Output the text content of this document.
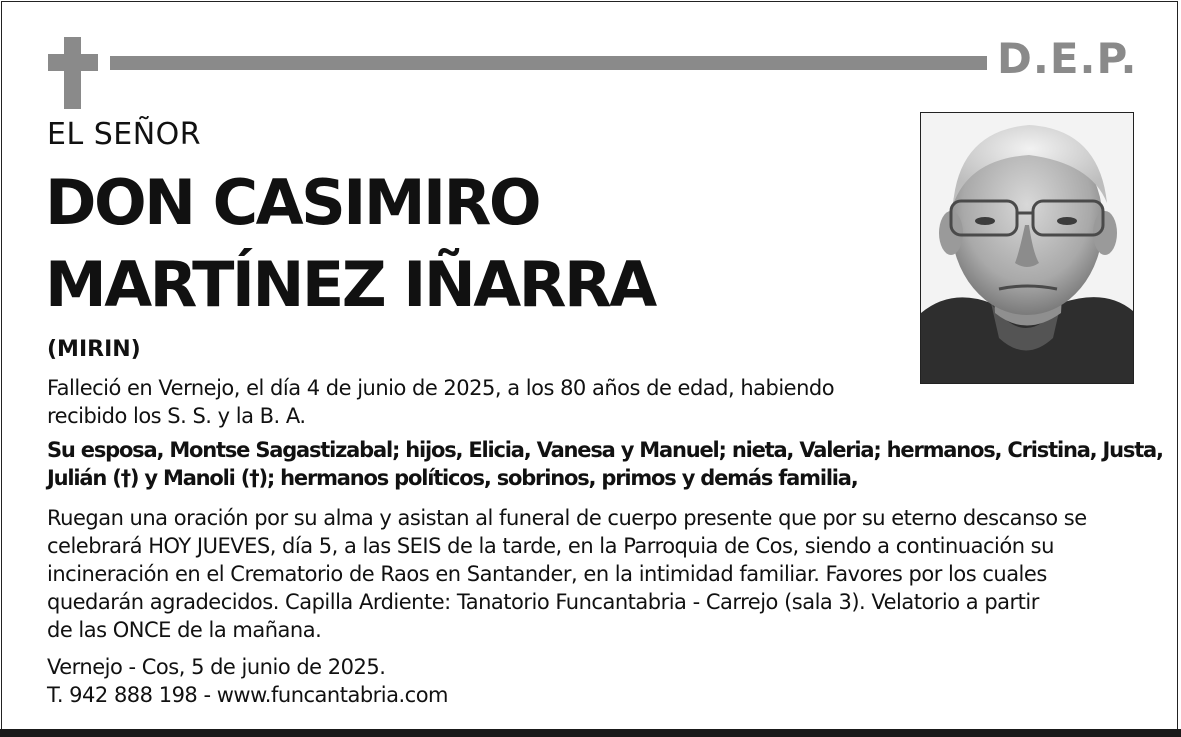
D.E.P.
EL SEÑOR
DON CASIMIRO
MARTÍNEZ IÑARRA
(MIRIN)
Falleció en Vernejo, el día 4 de junio de 2025, a los 80 años de edad, habiendo
recibido los S. S. y la B. A.
Su esposa, Montse Sagastizabal; hijos, Elicia, Vanesa y Manuel; nieta, Valeria; hermanos, Cristina, Justa,
Julián (†) y Manoli (†); hermanos políticos, sobrinos, primos y demás familia,
Ruegan una oración por su alma y asistan al funeral de cuerpo presente que por su eterno descanso se
celebrará HOY JUEVES, día 5, a las SEIS de la tarde, en la Parroquia de Cos, siendo a continuación su
incineración en el Crematorio de Raos en Santander, en la intimidad familiar. Favores por los cuales
quedarán agradecidos. Capilla Ardiente: Tanatorio Funcantabria - Carrejo (sala 3). Velatorio a partir
de las ONCE de la mañana.
Vernejo - Cos, 5 de junio de 2025.
T. 942 888 198 - www.funcantabria.com
